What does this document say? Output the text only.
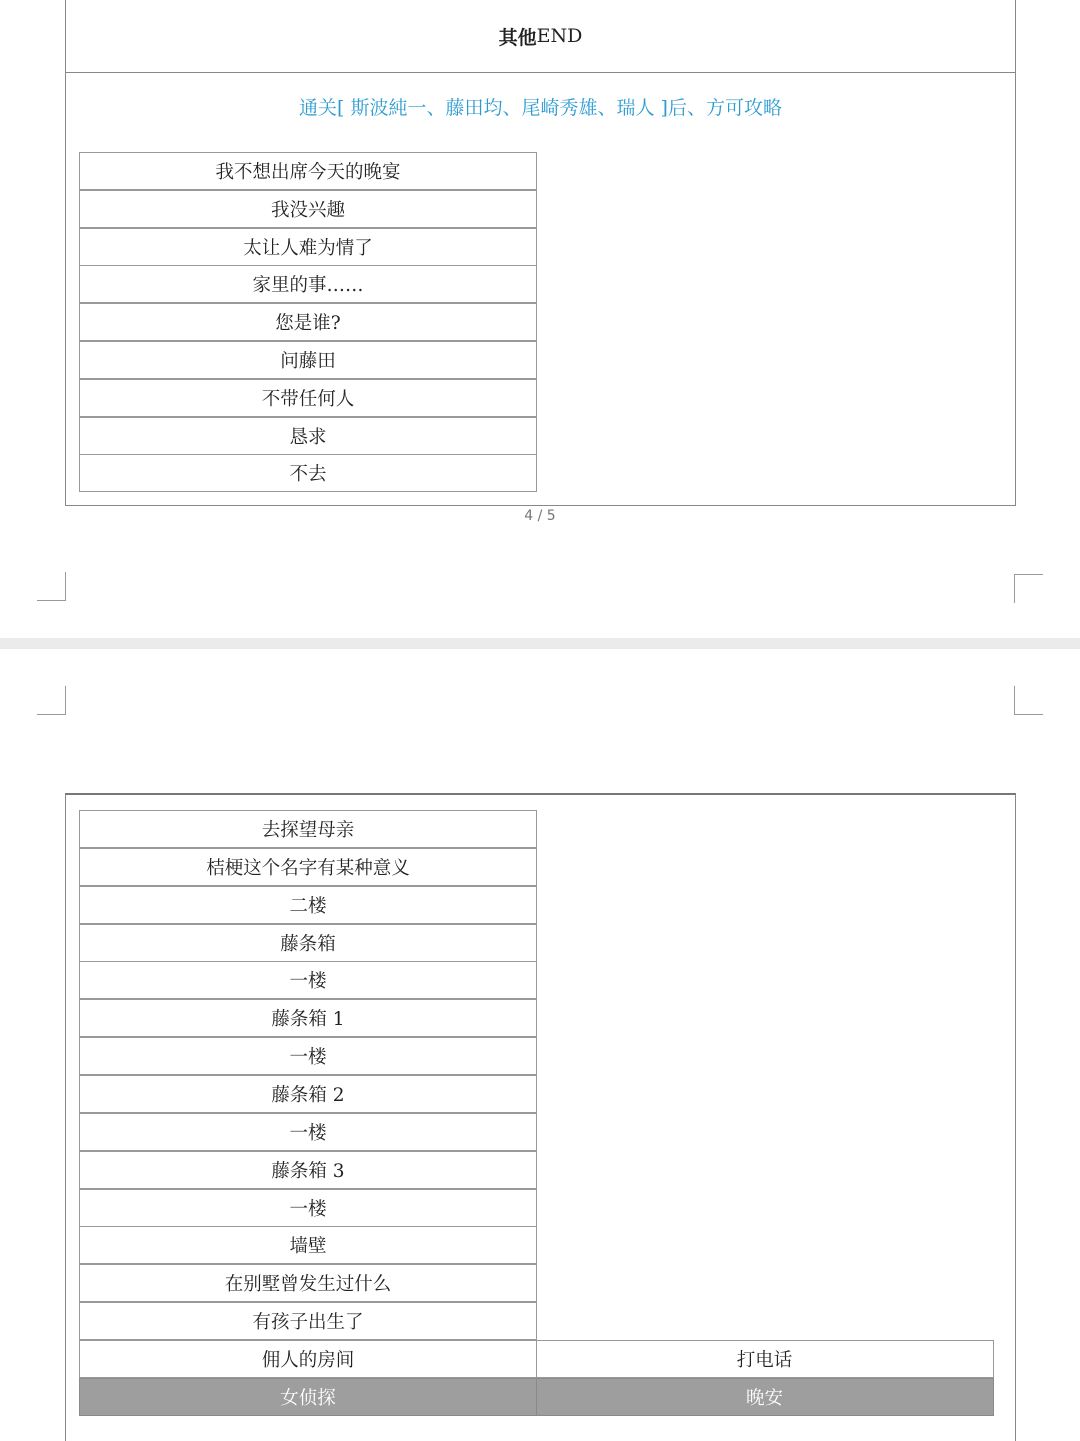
其他 END
通关[ 斯波純一、藤田均、尾崎秀雄、瑞人 ]后、方可攻略
我不想出席今天的晚宴
我没兴趣
太让人难为情了
家里的事……
您是谁?
问藤田
不带任何人
恳求
不去
4 / 5
去探望母亲
桔梗这个名字有某种意义
二楼
藤条箱
一楼
藤条箱 1
一楼
藤条箱 2
一楼
藤条箱 3
一楼
墙壁
在别墅曾发生过什么
有孩子出生了
佣人的房间	打电话
女侦探	晚安
